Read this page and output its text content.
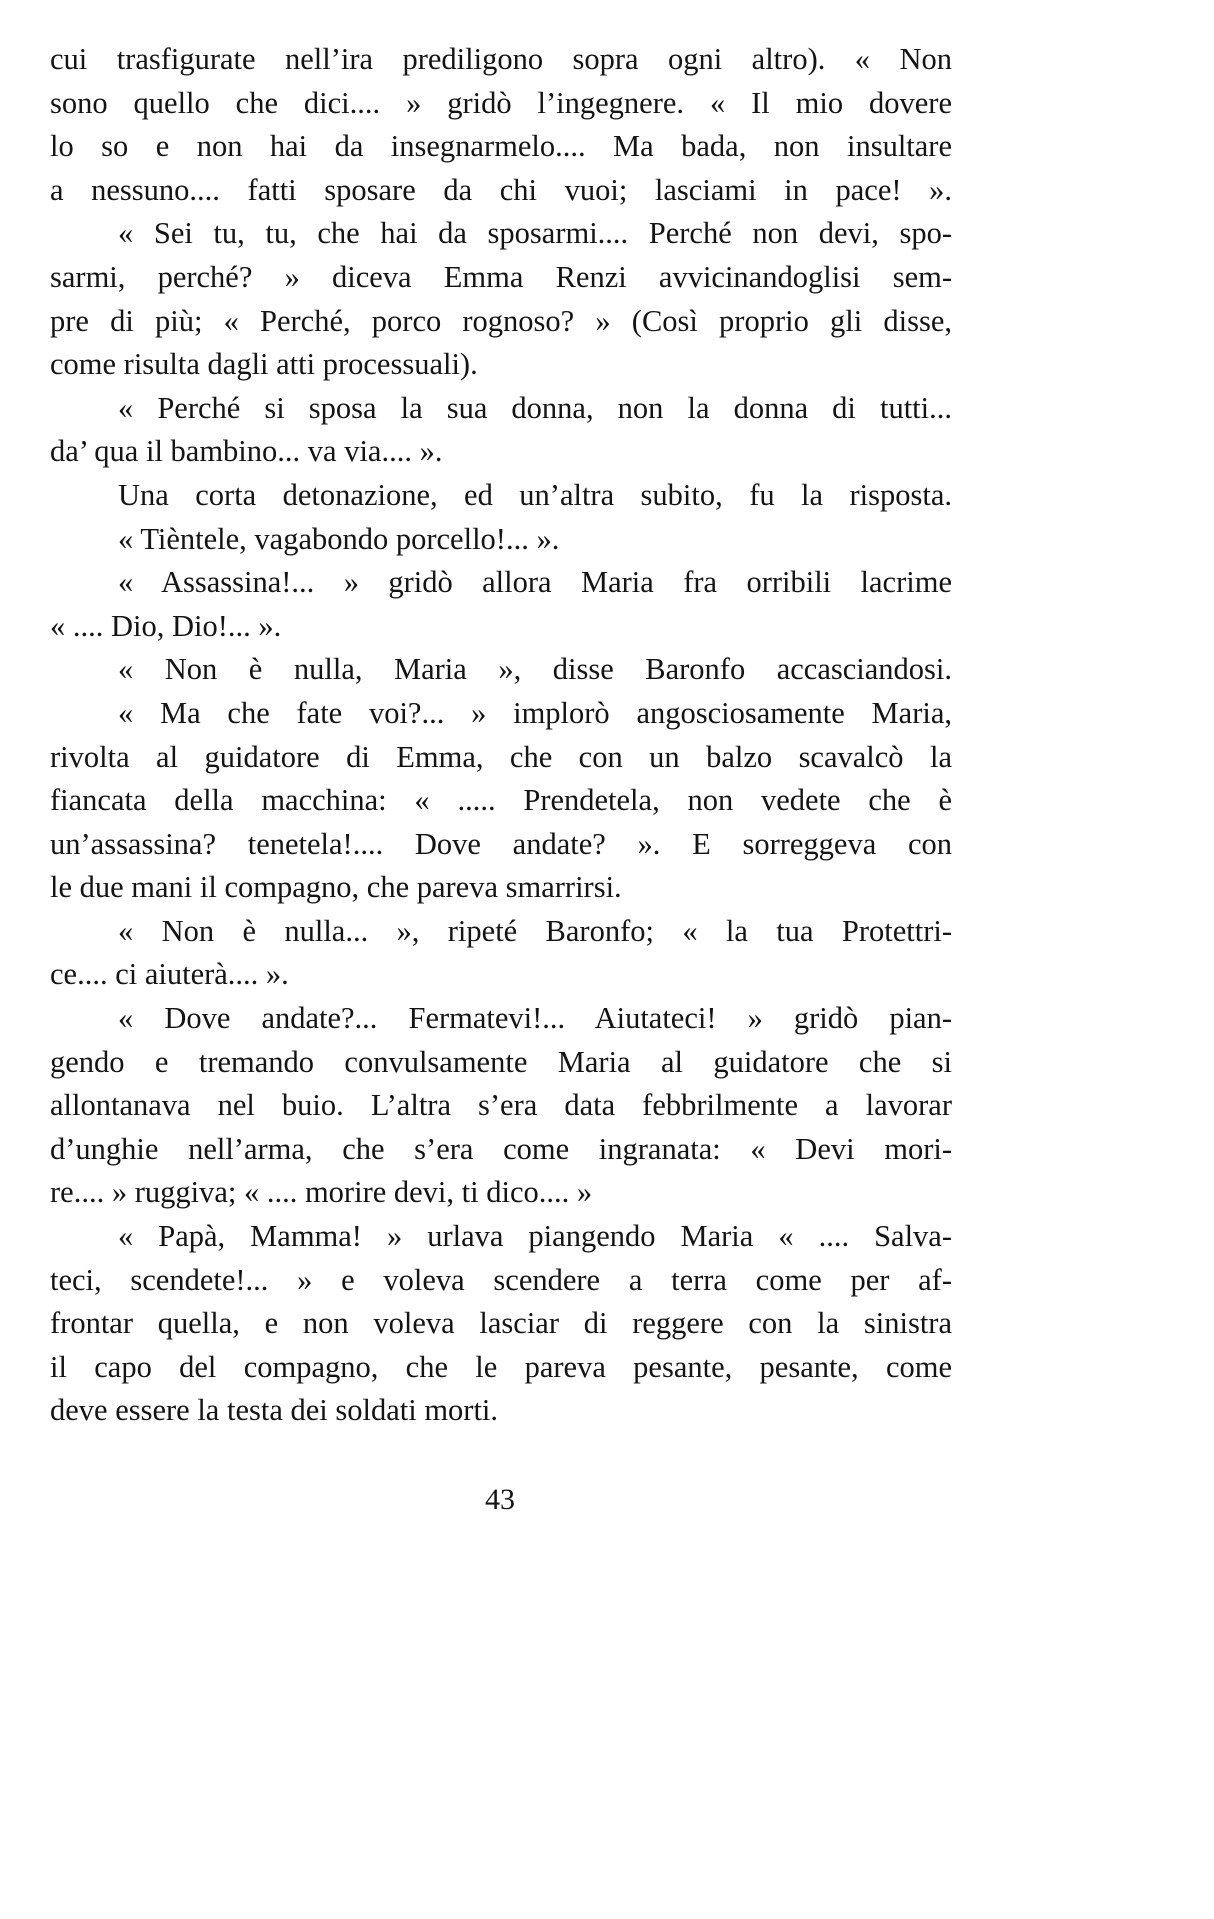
cui trasfigurate nell’ira prediligono sopra ogni altro). « Non
sono quello che dici.... » gridò l’ingegnere. « Il mio dovere
lo so e non hai da insegnarmelo.... Ma bada, non insultare
a nessuno.... fatti sposare da chi vuoi; lasciami in pace! ».
« Sei tu, tu, che hai da sposarmi.... Perché non devi, spo-
sarmi, perché? » diceva Emma Renzi avvicinandoglisi sem-
pre di più; « Perché, porco rognoso? » (Così proprio gli disse,
come risulta dagli atti processuali).
« Perché si sposa la sua donna, non la donna di tutti...
da’ qua il bambino... va via.... ».
Una corta detonazione, ed un’altra subito, fu la risposta.
« Tièntele, vagabondo porcello!... ».
« Assassina!... » gridò allora Maria fra orribili lacrime
« .... Dio, Dio!... ».
« Non è nulla, Maria », disse Baronfo accasciandosi.
« Ma che fate voi?... » implorò angosciosamente Maria,
rivolta al guidatore di Emma, che con un balzo scavalcò la
fiancata della macchina: « ..... Prendetela, non vedete che è
un’assassina? tenetela!.... Dove andate? ». E sorreggeva con
le due mani il compagno, che pareva smarrirsi.
« Non è nulla... », ripeté Baronfo; « la tua Protettri-
ce.... ci aiuterà.... ».
« Dove andate?... Fermatevi!... Aiutateci! » gridò pian-
gendo e tremando convulsamente Maria al guidatore che si
allontanava nel buio. L’altra s’era data febbrilmente a lavorar
d’unghie nell’arma, che s’era come ingranata: « Devi mori-
re.... » ruggiva; « .... morire devi, ti dico.... »
« Papà, Mamma! » urlava piangendo Maria « .... Salva-
teci, scendete!... » e voleva scendere a terra come per af-
frontar quella, e non voleva lasciar di reggere con la sinistra
il capo del compagno, che le pareva pesante, pesante, come
deve essere la testa dei soldati morti.
43
